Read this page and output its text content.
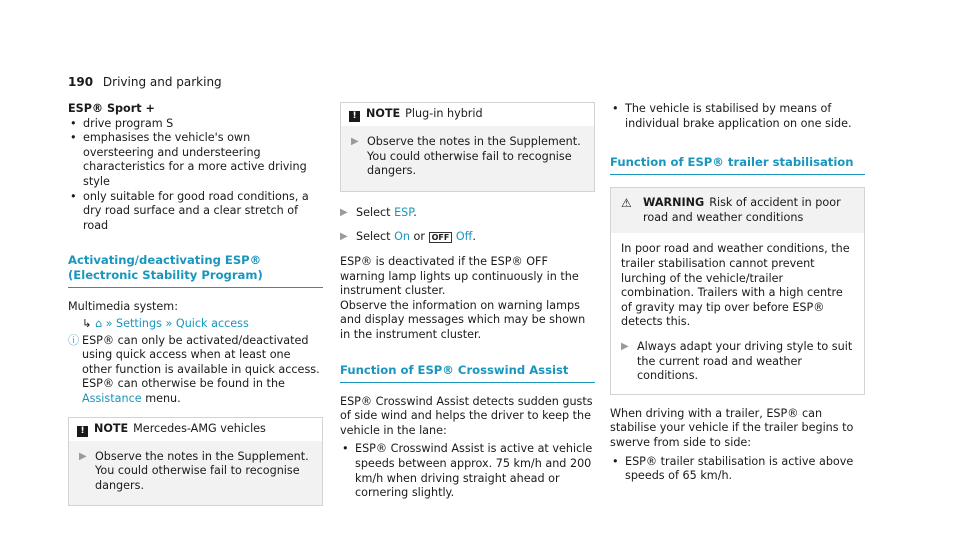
190 Driving and parking
ESP® Sport +
• drive program S
• emphasises the vehicle's own oversteering and understeering characteristics for a more active driving style
• only suitable for good road conditions, a dry road surface and a clear stretch of road
Activating/deactivating ESP® (Electronic Stability Program)
Multimedia system:
↳ ⌂ » Settings » Quick access
ⓘ ESP® can only be activated/deactivated using quick access when at least one other function is available in quick access. ESP® can otherwise be found in the Assistance menu.
! NOTE Mercedes-AMG vehicles
▶ Observe the notes in the Supplement. You could otherwise fail to recognise dangers.
! NOTE Plug-in hybrid
▶ Observe the notes in the Supplement. You could otherwise fail to recognise dangers.
▶ Select ESP.
▶ Select On or OFF Off.

ESP® is deactivated if the ESP® OFF warning lamp lights up continuously in the instrument cluster.

Observe the information on warning lamps and display messages which may be shown in the instrument cluster.

Function of ESP® Crosswind Assist

ESP® Crosswind Assist detects sudden gusts of side wind and helps the driver to keep the vehicle in the lane:

• ESP® Crosswind Assist is active at vehicle speeds between approx. 75 km/h and 200 km/h when driving straight ahead or cornering slightly.
• The vehicle is stabilised by means of individual brake application on one side.
Function of ESP® trailer stabilisation
⚠	WARNING Risk of accident in poor road and weather conditions

In poor road and weather conditions, the trailer stabilisation cannot prevent lurching of the vehicle/trailer combination. Trailers with a high centre of gravity may tip over before ESP® detects this.

▶ Always adapt your driving style to suit the current road and weather conditions.

When driving with a trailer, ESP® can stabilise your vehicle if the trailer begins to swerve from side to side:

• ESP® trailer stabilisation is active above speeds of 65 km/h.
